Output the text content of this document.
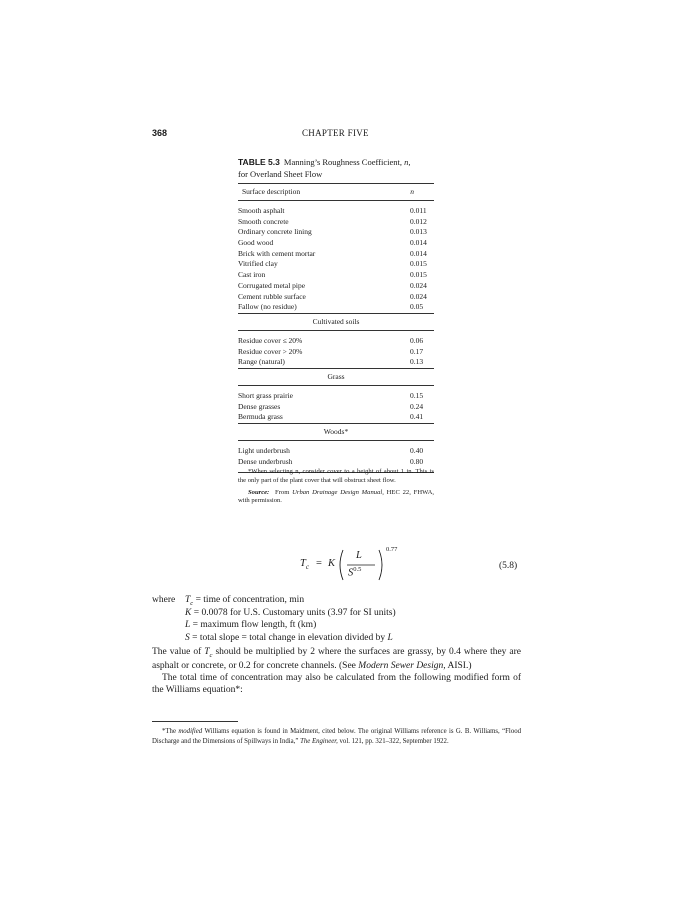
368	CHAPTER FIVE
TABLE 5.3 Manning’s Roughness Coefficient, n,
for Overland Sheet Flow
Surface description	n
Smooth asphalt	0.011
Smooth concrete	0.012
Ordinary concrete lining	0.013
Good wood	0.014
Brick with cement mortar	0.014
Vitrified clay	0.015
Cast iron	0.015
Corrugated metal pipe	0.024
Cement rubble surface	0.024
Fallow (no residue)	0.05
Cultivated soils
Residue cover ≤ 20%	0.06
Residue cover > 20%	0.17
Range (natural)	0.13
Grass
Short grass prairie	0.15
Dense grasses	0.24
Bermuda grass	0.41
Woods*
Light underbrush	0.40
Dense underbrush	0.80

*When selecting n, consider cover to a height of about 1 in. This is the only part of the plant cover that will obstruct sheet flow.

Source: From Urban Drainage Design Manual, HEC 22, FHWA, with permission.

$T_c = K$
L
$S^{0.5}$
0.77
(5.8)
where $T_c$ = time of concentration, min
K = 0.0078 for U.S. Customary units (3.97 for SI units)
L = maximum flow length, ft (km)
S = total slope = total change in elevation divided by L

The value of $T_c$ should be multiplied by 2 where the surfaces are grassy, by 0.4 where they are asphalt or concrete, or 0.2 for concrete channels. (See Modern Sewer Design, AISI.)

The total time of concentration may also be calculated from the following modified form of the Williams equation*:

*The modified Williams equation is found in Maidment, cited below. The original Williams reference is G. B. Williams, “Flood Discharge and the Dimensions of Spillways in India,” The Engineer, vol. 121, pp. 321–322, September 1922.
